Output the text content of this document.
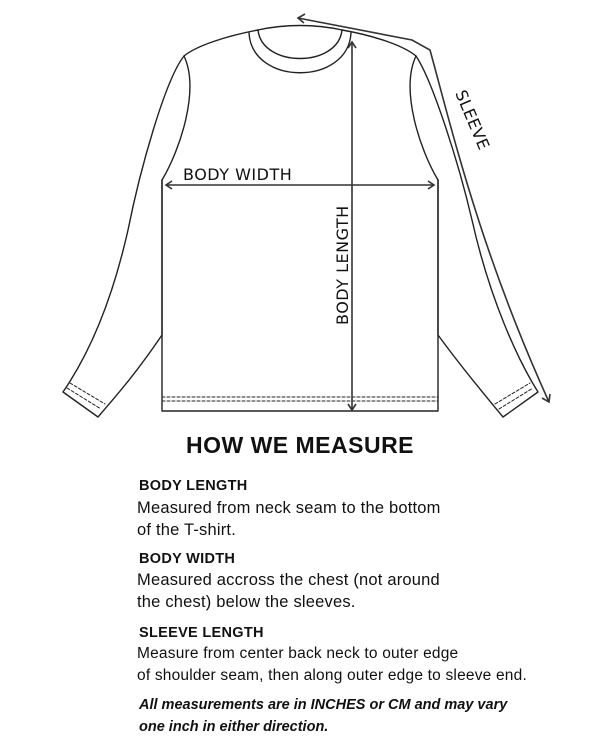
BODY WIDTH
BODY LENGTH
SLEEVE
HOW WE MEASURE
BODY LENGTH
Measured from neck seam to the bottom
of the T-shirt.
BODY WIDTH
Measured accross the chest (not around
the chest) below the sleeves.
SLEEVE LENGTH
Measure from center back neck to outer edge
of shoulder seam, then along outer edge to sleeve end.
All measurements are in INCHES or CM and may vary
one inch in either direction.
